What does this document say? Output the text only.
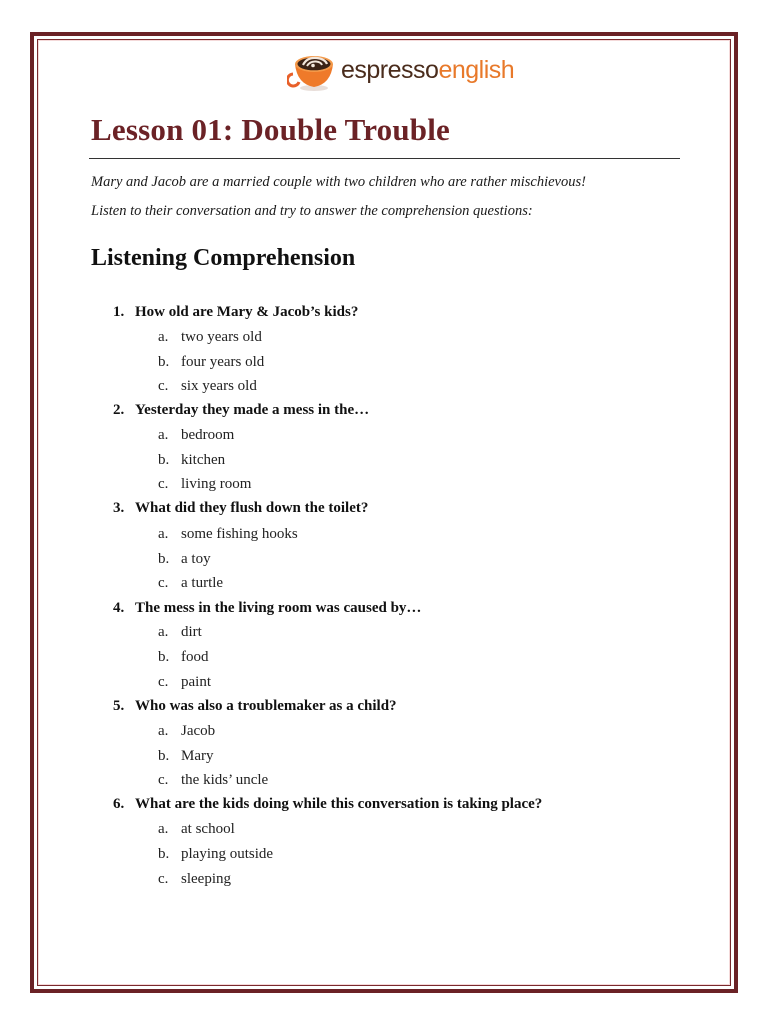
espressoenglish
Lesson 01: Double Trouble

Mary and Jacob are a married couple with two children who are rather mischievous!

Listen to their conversation and try to answer the comprehension questions:

Listening Comprehension
1. How old are Mary & Jacob’s kids?
a. two years old
b. four years old
c. six years old
2. Yesterday they made a mess in the…
a. bedroom
b. kitchen
c. living room
3. What did they flush down the toilet?
a. some fishing hooks
b. a toy
c. a turtle
4. The mess in the living room was caused by…
a. dirt
b. food
c. paint
5. Who was also a troublemaker as a child?
a. Jacob
b. Mary
c. the kids’ uncle
6. What are the kids doing while this conversation is taking place?
a. at school
b. playing outside
c. sleeping
